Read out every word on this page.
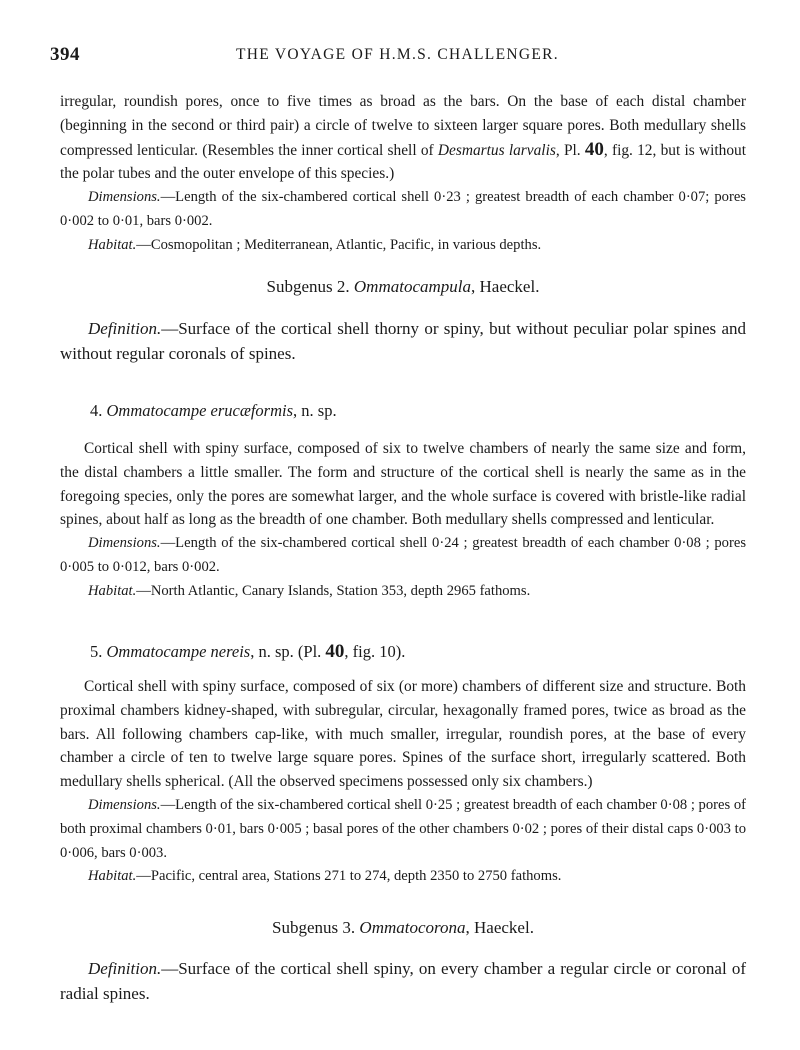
394	THE VOYAGE OF H.M.S. CHALLENGER.

irregular, roundish pores, once to five times as broad as the bars. On the base of each distal chamber (beginning in the second or third pair) a circle of twelve to sixteen larger square pores. Both medullary shells compressed lenticular. (Resembles the inner cortical shell of Desmartus larvalis, Pl. 40, fig. 12, but is without the polar tubes and the outer envelope of this species.)

Dimensions.—Length of the six-chambered cortical shell 0·23 ; greatest breadth of each chamber 0·07; pores 0·002 to 0·01, bars 0·002.

Habitat.—Cosmopolitan ; Mediterranean, Atlantic, Pacific, in various depths.

Subgenus 2. Ommatocampula, Haeckel.

Definition.—Surface of the cortical shell thorny or spiny, but without peculiar polar spines and without regular coronals of spines.

4. Ommatocampe erucæformis, n. sp.

Cortical shell with spiny surface, composed of six to twelve chambers of nearly the same size and form, the distal chambers a little smaller. The form and structure of the cortical shell is nearly the same as in the foregoing species, only the pores are somewhat larger, and the whole surface is covered with bristle-like radial spines, about half as long as the breadth of one chamber. Both medullary shells compressed and lenticular.

Dimensions.—Length of the six-chambered cortical shell 0·24 ; greatest breadth of each chamber 0·08 ; pores 0·005 to 0·012, bars 0·002.

Habitat.—North Atlantic, Canary Islands, Station 353, depth 2965 fathoms.

5. Ommatocampe nereis, n. sp. (Pl. 40, fig. 10).

Cortical shell with spiny surface, composed of six (or more) chambers of different size and structure. Both proximal chambers kidney-shaped, with subregular, circular, hexagonally framed pores, twice as broad as the bars. All following chambers cap-like, with much smaller, irregular, roundish pores, at the base of every chamber a circle of ten to twelve large square pores. Spines of the surface short, irregularly scattered. Both medullary shells spherical. (All the observed specimens possessed only six chambers.)

Dimensions.—Length of the six-chambered cortical shell 0·25 ; greatest breadth of each chamber 0·08 ; pores of both proximal chambers 0·01, bars 0·005 ; basal pores of the other chambers 0·02 ; pores of their distal caps 0·003 to 0·006, bars 0·003.

Habitat.—Pacific, central area, Stations 271 to 274, depth 2350 to 2750 fathoms.

Subgenus 3. Ommatocorona, Haeckel.

Definition.—Surface of the cortical shell spiny, on every chamber a regular circle or coronal of radial spines.
